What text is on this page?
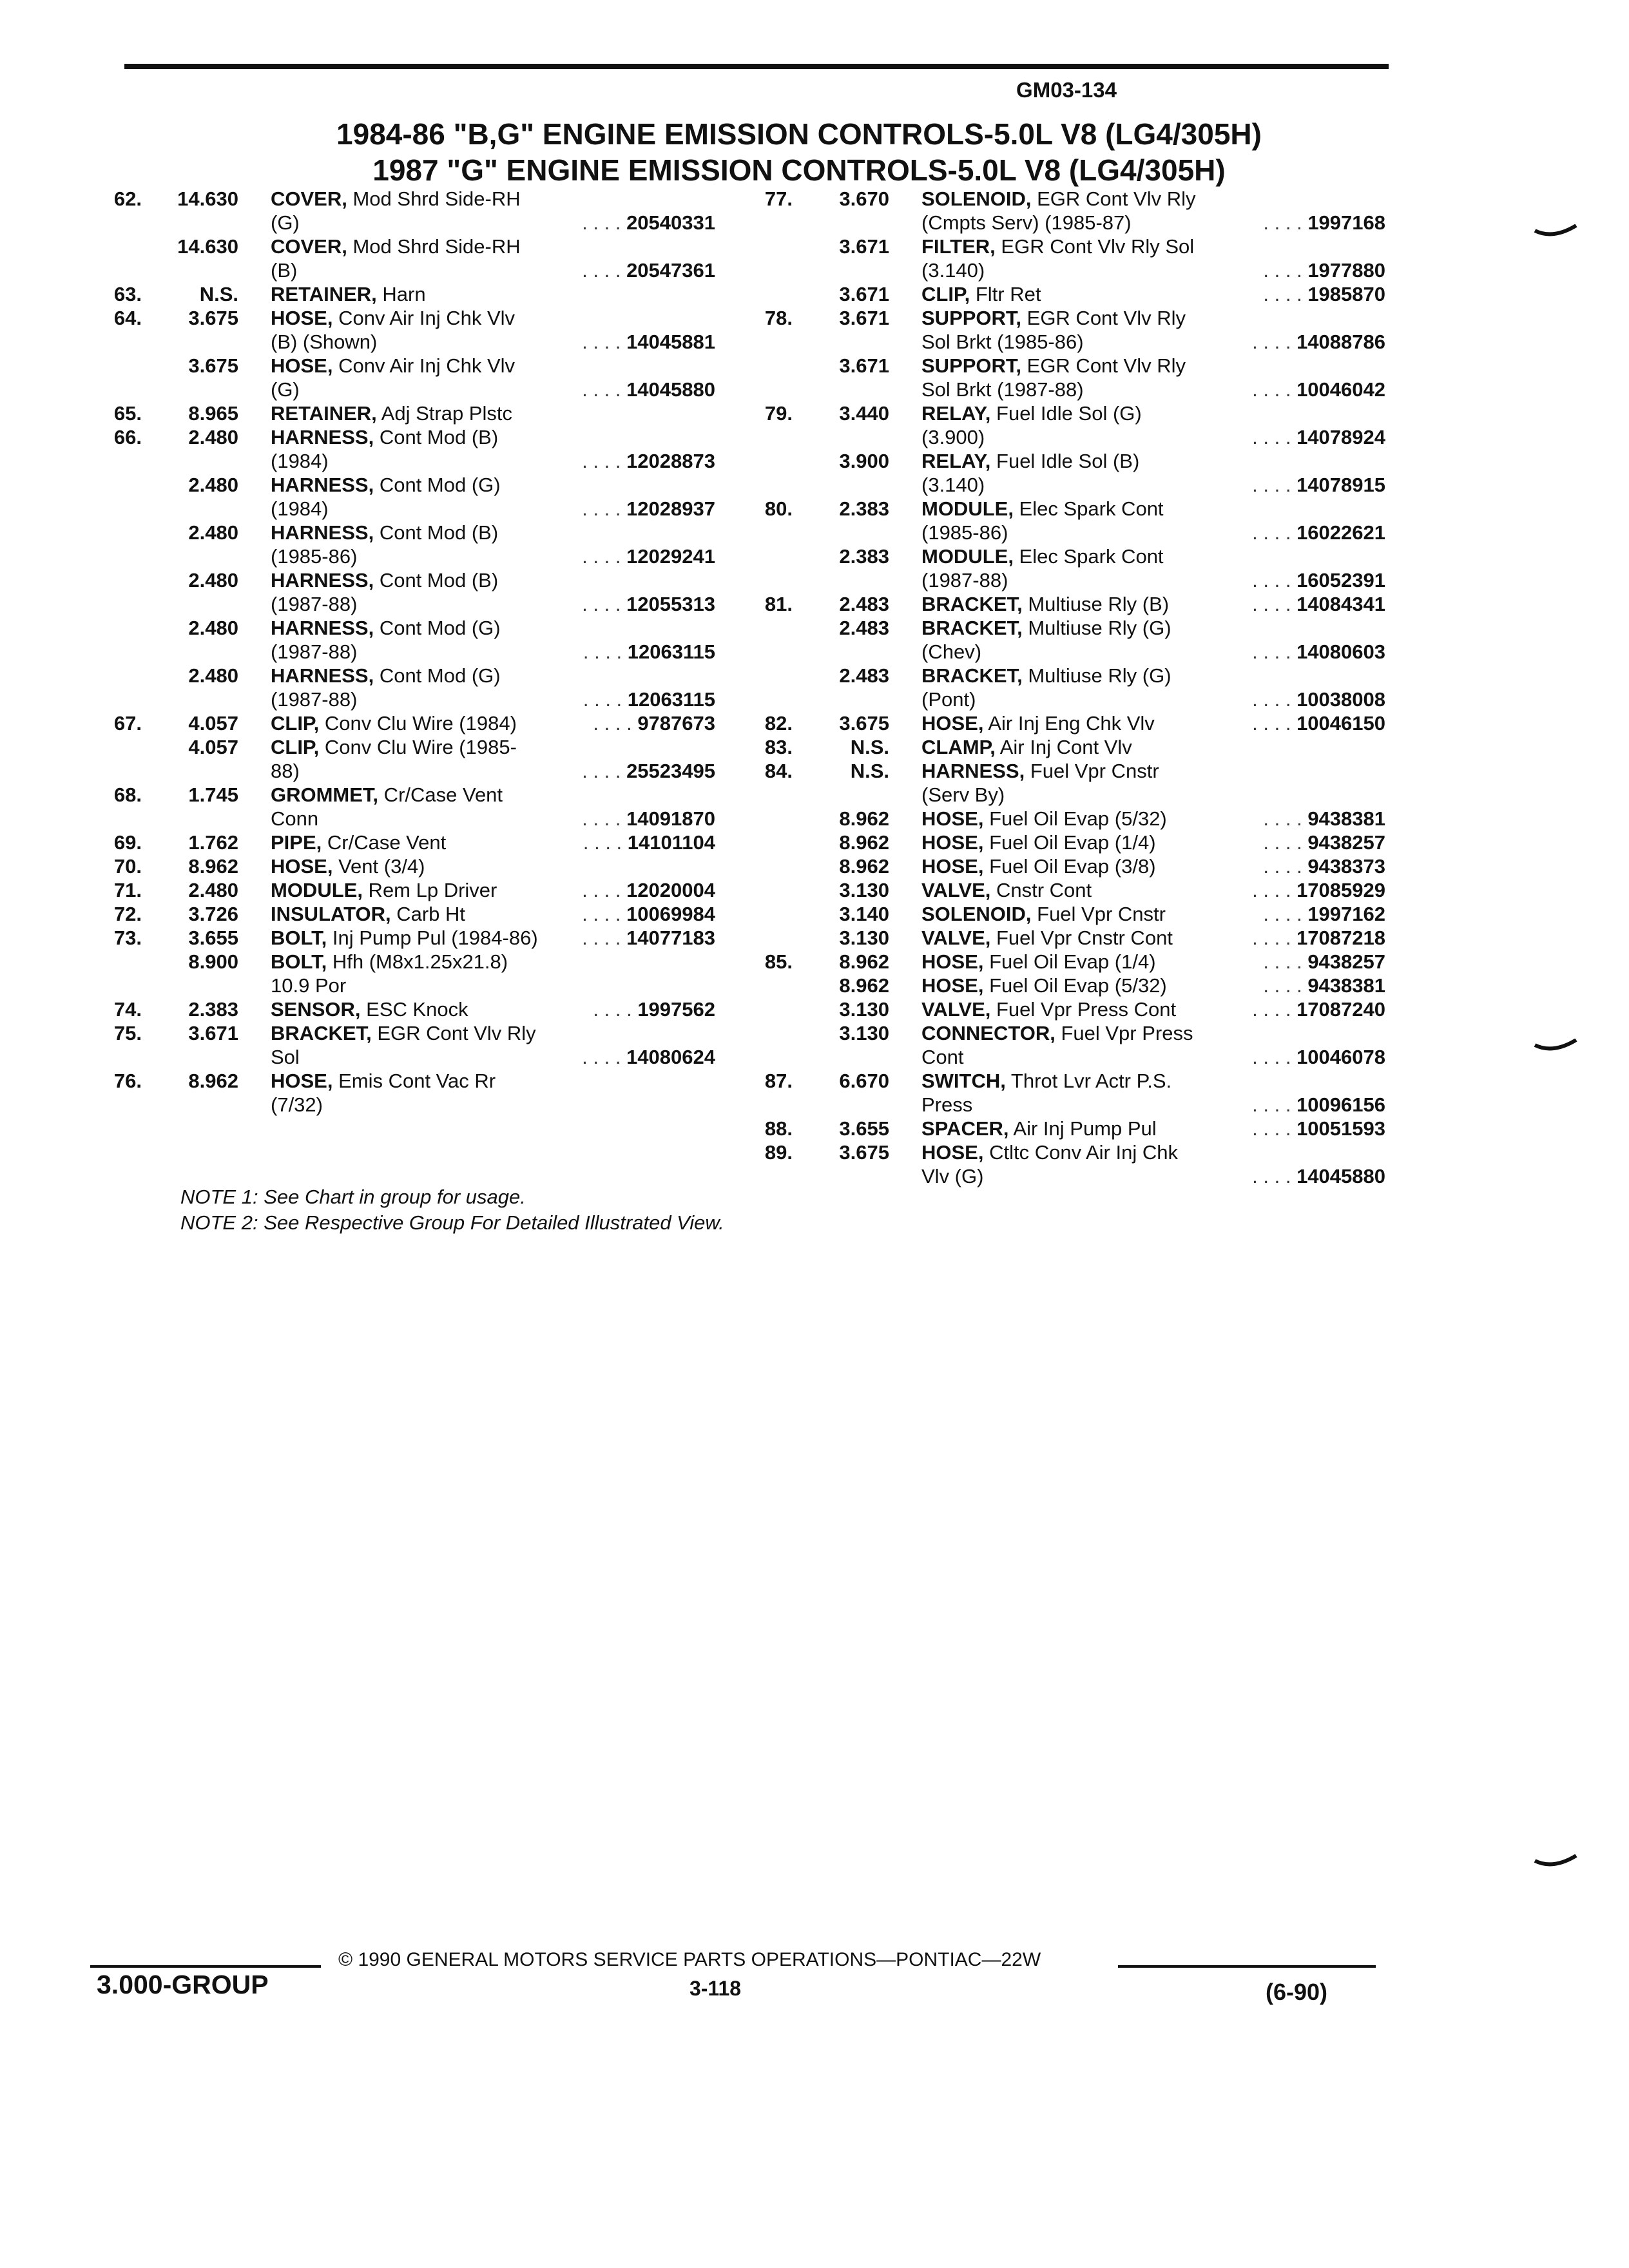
GM03-134
1984-86 "B,G" ENGINE EMISSION CONTROLS-5.0L V8 (LG4/305H)
1987 "G" ENGINE EMISSION CONTROLS-5.0L V8 (LG4/305H)
62.	14.630 COVER, Mod Shrd Side-RH
(G)	. . . . 20540331
14.630 COVER, Mod Shrd Side-RH
(B)	. . . . 20547361
63.	N.S. RETAINER, Harn
64.	3.675 HOSE, Conv Air Inj Chk Vlv
(B) (Shown)	. . . . 14045881
3.675 HOSE, Conv Air Inj Chk Vlv
(G)	. . . . 14045880
65.	8.965 RETAINER, Adj Strap Plstc
66.	2.480 HARNESS, Cont Mod (B)
(1984)	. . . . 12028873
2.480 HARNESS, Cont Mod (G)
(1984)	. . . . 12028937
2.480 HARNESS, Cont Mod (B)
(1985-86)	. . . . 12029241
2.480 HARNESS, Cont Mod (B)
(1987-88)	. . . . 12055313
2.480 HARNESS, Cont Mod (G)
(1987-88)	. . . . 12063115
2.480 HARNESS, Cont Mod (G)
(1987-88)	. . . . 12063115
67.	4.057 CLIP, Conv Clu Wire (1984)	. . . . 9787673
4.057 CLIP, Conv Clu Wire (1985-
88)	. . . . 25523495
68.	1.745 GROMMET, Cr/Case Vent
Conn	. . . . 14091870
69.	1.762 PIPE, Cr/Case Vent	. . . . 14101104
70.	8.962 HOSE, Vent (3/4)
71.	2.480 MODULE, Rem Lp Driver	. . . . 12020004
72.	3.726 INSULATOR, Carb Ht	. . . . 10069984
73.	3.655 BOLT, Inj Pump Pul (1984-86) . . . . 14077183
8.900 BOLT, Hfh (M8x1.25x21.8)
10.9 Por
74.	2.383 SENSOR, ESC Knock	. . . . 1997562
75.	3.671 BRACKET, EGR Cont Vlv Rly
Sol	. . . . 14080624
76.	8.962 HOSE, Emis Cont Vac Rr
(7/32)
77.	3.670 SOLENOID, EGR Cont Vlv Rly
(Cmpts Serv) (1985-87)	. . . . 1997168
3.671 FILTER, EGR Cont Vlv Rly Sol
(3.140)	. . . . 1977880
3.671 CLIP, Fltr Ret	. . . . 1985870
78.	3.671 SUPPORT, EGR Cont Vlv Rly
Sol Brkt (1985-86)	. . . . 14088786
3.671 SUPPORT, EGR Cont Vlv Rly
Sol Brkt (1987-88)	. . . . 10046042
79.	3.440 RELAY, Fuel Idle Sol (G)
(3.900)	. . . . 14078924
3.900 RELAY, Fuel Idle Sol (B)
(3.140)	. . . . 14078915
80.	2.383 MODULE, Elec Spark Cont
(1985-86)	. . . . 16022621
2.383 MODULE, Elec Spark Cont
(1987-88)	. . . . 16052391
81.	2.483 BRACKET, Multiuse Rly (B)	. . . . 14084341
2.483 BRACKET, Multiuse Rly (G)
(Chev)	. . . . 14080603
2.483 BRACKET, Multiuse Rly (G)
(Pont)	. . . . 10038008
82.	3.675 HOSE, Air Inj Eng Chk Vlv	. . . . 10046150
83.	N.S. CLAMP, Air Inj Cont Vlv
84.	N.S. HARNESS, Fuel Vpr Cnstr
(Serv By)
8.962 HOSE, Fuel Oil Evap (5/32)	. . . . 9438381
8.962 HOSE, Fuel Oil Evap (1/4)	. . . . 9438257
8.962 HOSE, Fuel Oil Evap (3/8)	. . . . 9438373
3.130 VALVE, Cnstr Cont	. . . . 17085929
3.140 SOLENOID, Fuel Vpr Cnstr	. . . . 1997162
3.130 VALVE, Fuel Vpr Cnstr Cont	. . . . 17087218
85.	8.962 HOSE, Fuel Oil Evap (1/4)	. . . . 9438257
8.962 HOSE, Fuel Oil Evap (5/32)	. . . . 9438381
3.130 VALVE, Fuel Vpr Press Cont	. . . . 17087240
3.130 CONNECTOR, Fuel Vpr Press
Cont	. . . . 10046078
87.	6.670 SWITCH, Throt Lvr Actr P.S.
Press	. . . . 10096156
88.	3.655 SPACER, Air Inj Pump Pul	. . . . 10051593
89.	3.675 HOSE, Ctltc Conv Air Inj Chk
Vlv (G)	. . . . 14045880
NOTE 1: See Chart in group for usage.
NOTE 2: See Respective Group For Detailed Illustrated View.
3.000-GROUP
© 1990 GENERAL MOTORS SERVICE PARTS OPERATIONS—PONTIAC—22W
3-118	(6-90)
